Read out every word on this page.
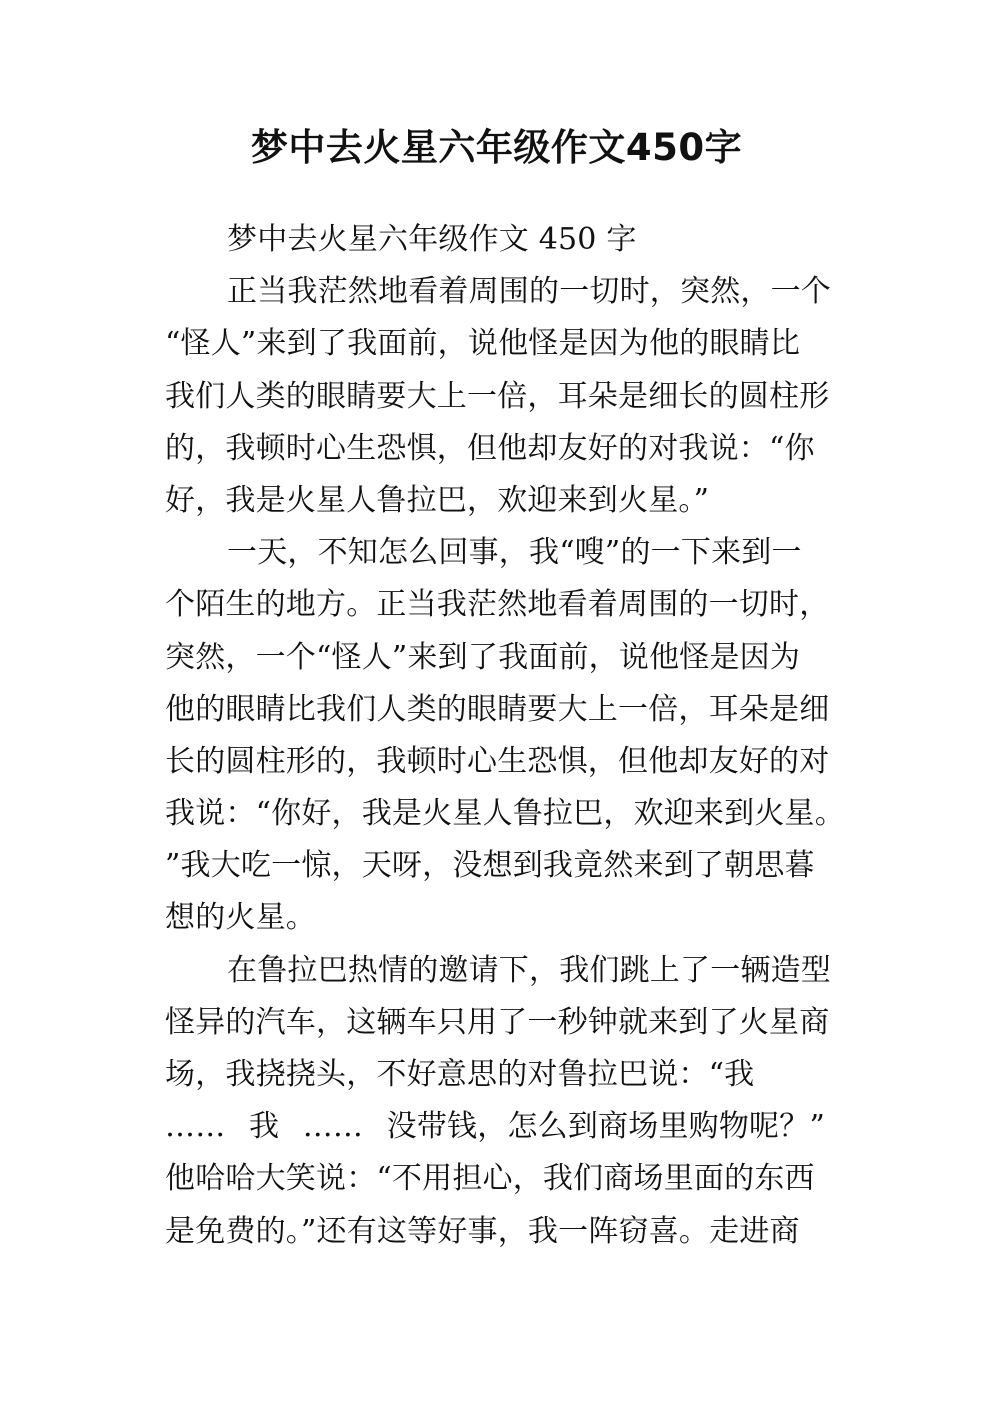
梦中去火星六年级作文450字
梦中去火星六年级作文 450 字
正当我茫然地看着周围的一切时，突然，一个
“怪人”来到了我面前，说他怪是因为他的眼睛比
我们人类的眼睛要大上一倍，耳朵是细长的圆柱形
的，我顿时心生恐惧，但他却友好的对我说：“你
好，我是火星人鲁拉巴，欢迎来到火星。”
一天，不知怎么回事，我“嗖”的一下来到一
个陌生的地方。正当我茫然地看着周围的一切时，
突然，一个“怪人”来到了我面前，说他怪是因为
他的眼睛比我们人类的眼睛要大上一倍，耳朵是细
长的圆柱形的，我顿时心生恐惧，但他却友好的对
我说：“你好，我是火星人鲁拉巴，欢迎来到火星。
”我大吃一惊，天呀，没想到我竟然来到了朝思暮
想的火星。
在鲁拉巴热情的邀请下，我们跳上了一辆造型
怪异的汽车，这辆车只用了一秒钟就来到了火星商
场，我挠挠头，不好意思的对鲁拉巴说：“我
…… 我 …… 没带钱，怎么到商场里购物呢？”
他哈哈大笑说：“不用担心，我们商场里面的东西
是免费的。”还有这等好事，我一阵窃喜。走进商
